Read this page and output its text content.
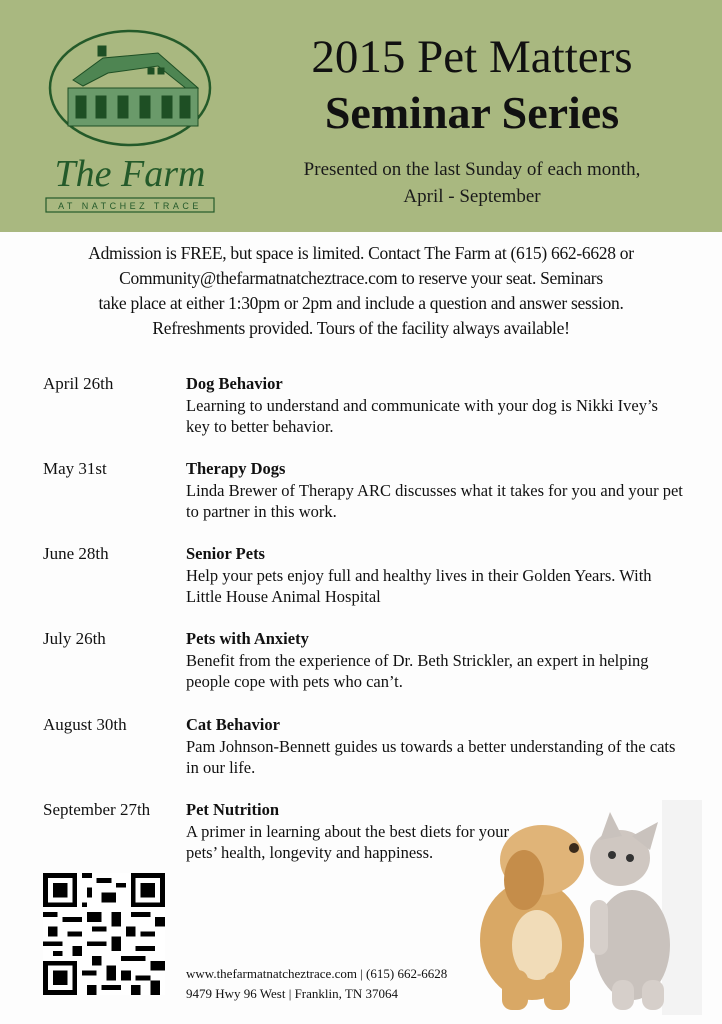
The Farm
AT NATCHEZ TRACE
2015 Pet Matters
Seminar Series
Presented on the last Sunday of each month,
April - September
Admission is FREE, but space is limited. Contact The Farm at (615) 662-6628 or
Community@thefarmatnatcheztrace.com to reserve your seat. Seminars
take place at either 1:30pm or 2pm and include a question and answer session.
Refreshments provided. Tours of the facility always available!
April 26th	Dog Behavior
Learning to understand and communicate with your dog is Nikki Ivey’s
key to better behavior.
May 31st	Therapy Dogs
Linda Brewer of Therapy ARC discusses what it takes for you and your pet
to partner in this work.
June 28th	Senior Pets
Help your pets enjoy full and healthy lives in their Golden Years. With
Little House Animal Hospital
July 26th	Pets with Anxiety
Benefit from the experience of Dr. Beth Strickler, an expert in helping
people cope with pets who can’t.
August 30th	Cat Behavior
Pam Johnson-Bennett guides us towards a better understanding of the cats
in our life.
September 27th Pet Nutrition
A primer in learning about the best diets for your
pets’ health, longevity and happiness.
www.thefarmatnatcheztrace.com | (615) 662-6628
9479 Hwy 96 West | Franklin, TN 37064
